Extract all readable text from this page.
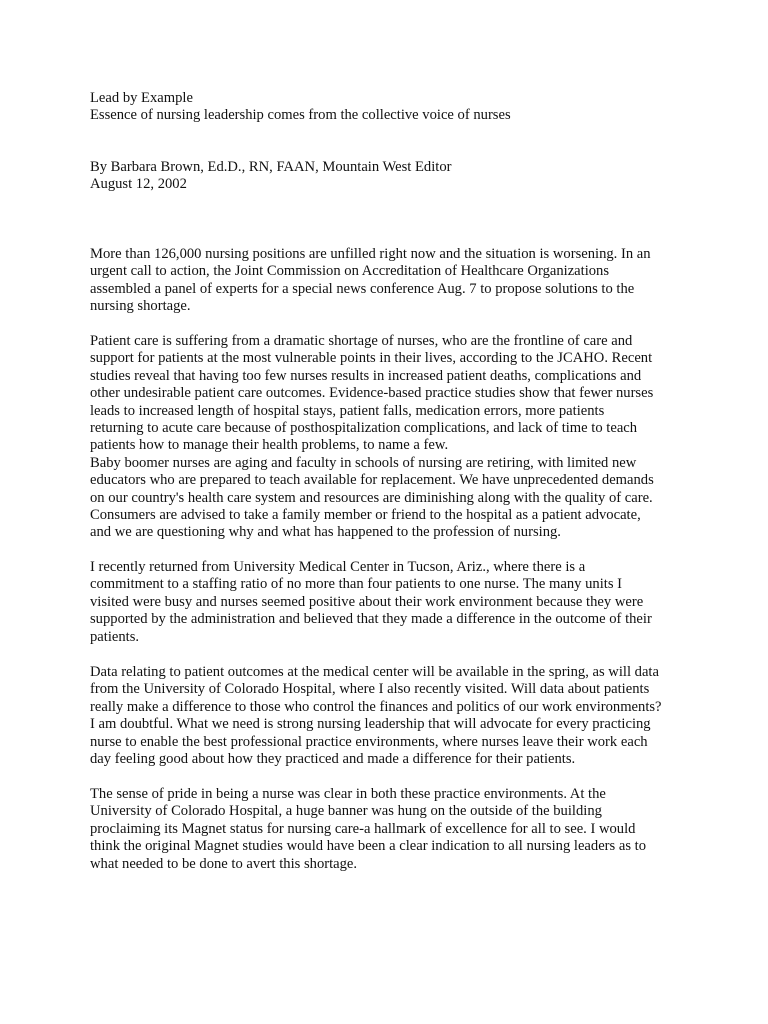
Lead by Example
Essence of nursing leadership comes from the collective voice of nurses
By Barbara Brown, Ed.D., RN, FAAN, Mountain West Editor
August 12, 2002
More than 126,000 nursing positions are unfilled right now and the situation is worsening. In an
urgent call to action, the Joint Commission on Accreditation of Healthcare Organizations
assembled a panel of experts for a special news conference Aug. 7 to propose solutions to the
nursing shortage.
Patient care is suffering from a dramatic shortage of nurses, who are the frontline of care and
support for patients at the most vulnerable points in their lives, according to the JCAHO. Recent
studies reveal that having too few nurses results in increased patient deaths, complications and
other undesirable patient care outcomes. Evidence-based practice studies show that fewer nurses
leads to increased length of hospital stays, patient falls, medication errors, more patients
returning to acute care because of posthospitalization complications, and lack of time to teach
patients how to manage their health problems, to name a few.
Baby boomer nurses are aging and faculty in schools of nursing are retiring, with limited new
educators who are prepared to teach available for replacement. We have unprecedented demands
on our country's health care system and resources are diminishing along with the quality of care.
Consumers are advised to take a family member or friend to the hospital as a patient advocate,
and we are questioning why and what has happened to the profession of nursing.
I recently returned from University Medical Center in Tucson, Ariz., where there is a
commitment to a staffing ratio of no more than four patients to one nurse. The many units I
visited were busy and nurses seemed positive about their work environment because they were
supported by the administration and believed that they made a difference in the outcome of their
patients.
Data relating to patient outcomes at the medical center will be available in the spring, as will data
from the University of Colorado Hospital, where I also recently visited. Will data about patients
really make a difference to those who control the finances and politics of our work environments?
I am doubtful. What we need is strong nursing leadership that will advocate for every practicing
nurse to enable the best professional practice environments, where nurses leave their work each
day feeling good about how they practiced and made a difference for their patients.
The sense of pride in being a nurse was clear in both these practice environments. At the
University of Colorado Hospital, a huge banner was hung on the outside of the building
proclaiming its Magnet status for nursing care-a hallmark of excellence for all to see. I would
think the original Magnet studies would have been a clear indication to all nursing leaders as to
what needed to be done to avert this shortage.
